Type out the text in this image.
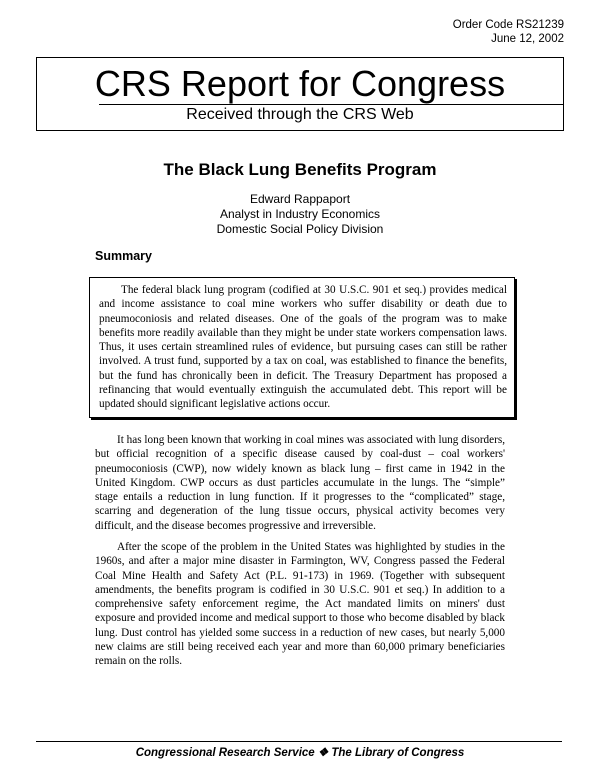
Order Code RS21239
June 12, 2002
CRS Report for Congress
Received through the CRS Web
The Black Lung Benefits Program
Edward Rappaport
Analyst in Industry Economics
Domestic Social Policy Division
Summary

The federal black lung program (codified at 30 U.S.C. 901 et seq.) provides medical and income assistance to coal mine workers who suffer disability or death due to pneumoconiosis and related diseases. One of the goals of the program was to make benefits more readily available than they might be under state workers compensation laws. Thus, it uses certain streamlined rules of evidence, but pursuing cases can still be rather involved. A trust fund, supported by a tax on coal, was established to finance the benefits, but the fund has chronically been in deficit. The Treasury Department has proposed a refinancing that would eventually extinguish the accumulated debt. This report will be updated should significant legislative actions occur.

It has long been known that working in coal mines was associated with lung disorders, but official recognition of a specific disease caused by coal-dust – coal workers' pneumoconiosis (CWP), now widely known as black lung – first came in 1942 in the United Kingdom. CWP occurs as dust particles accumulate in the lungs. The “simple” stage entails a reduction in lung function. If it progresses to the “complicated” stage, scarring and degeneration of the lung tissue occurs, physical activity becomes very difficult, and the disease becomes progressive and irreversible.

After the scope of the problem in the United States was highlighted by studies in the 1960s, and after a major mine disaster in Farmington, WV, Congress passed the Federal Coal Mine Health and Safety Act (P.L. 91-173) in 1969. (Together with subsequent amendments, the benefits program is codified in 30 U.S.C. 901 et seq.) In addition to a comprehensive safety enforcement regime, the Act mandated limits on miners' dust exposure and provided income and medical support to those who become disabled by black lung. Dust control has yielded some success in a reduction of new cases, but nearly 5,000 new claims are still being received each year and more than 60,000 primary beneficiaries remain on the rolls.

Congressional Research Service ❖ The Library of Congress
